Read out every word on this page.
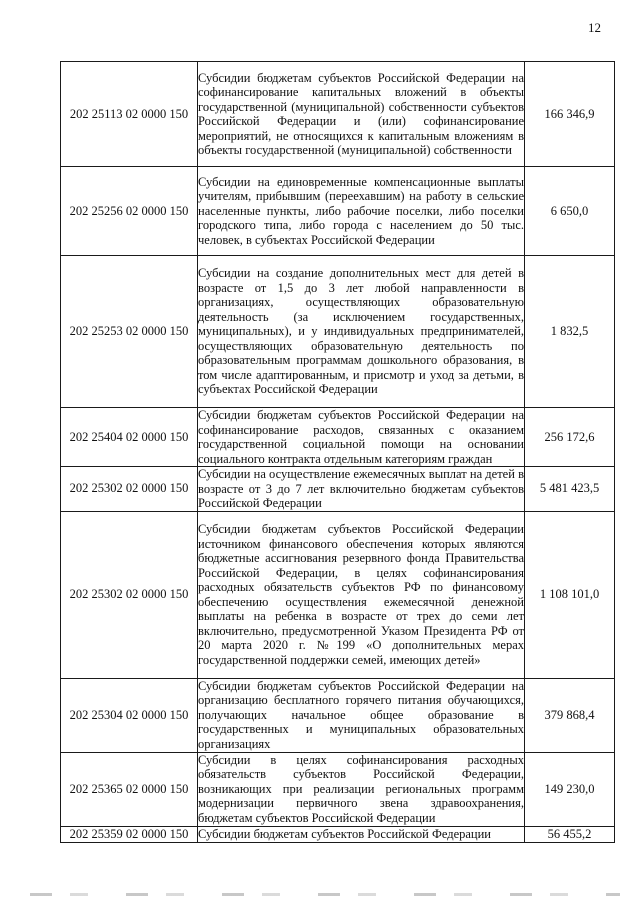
12
202 25113 02 0000 150	Субсидии бюджетам субъектов Российской Федерации на софинансирование капитальных вложений в объекты государственной (муниципальной) собственности субъектов Российской Федерации и (или) софинансирование мероприятий, не относящихся к капитальным вложениям в объекты государственной (муниципальной) собственности	166 346,9
202 25256 02 0000 150	Субсидии на единовременные компенсационные выплаты учителям, прибывшим (переехавшим) на работу в сельские населенные пункты, либо рабочие поселки, либо поселки городского типа, либо города с населением до 50 тыс. человек, в субъектах Российской Федерации	6 650,0
202 25253 02 0000 150	Субсидии на создание дополнительных мест для детей в возрасте от 1,5 до 3 лет любой направленности в организациях, осуществляющих образовательную деятельность (за исключением государственных, муниципальных), и у индивидуальных предпринимателей, осуществляющих образовательную деятельность по образовательным программам дошкольного образования, в том числе адаптированным, и присмотр и уход за детьми, в субъектах Российской Федерации	1 832,5
202 25404 02 0000 150	Субсидии бюджетам субъектов Российской Федерации на софинансирование расходов, связанных с оказанием государственной социальной помощи на основании социального контракта отдельным категориям граждан	256 172,6
202 25302 02 0000 150	Субсидии на осуществление ежемесячных выплат на детей в возрасте от 3 до 7 лет включительно бюджетам субъектов Российской Федерации	5 481 423,5
202 25302 02 0000 150	Субсидии бюджетам субъектов Российской Федерации источником финансового обеспечения которых являются бюджетные ассигнования резервного фонда Правительства Российской Федерации, в целях софинансирования расходных обязательств субъектов РФ по финансовому обеспечению осуществления ежемесячной денежной выплаты на ребенка в возрасте от трех до семи лет включительно, предусмотренной Указом Президента РФ от 20 марта 2020 г. №199 «О дополнительных мерах государственной поддержки семей, имеющих детей»	1 108 101,0
202 25304 02 0000 150	Субсидии бюджетам субъектов Российской Федерации на организацию бесплатного горячего питания обучающихся, получающих начальное общее образование в государственных и муниципальных образовательных организациях	379 868,4
202 25365 02 0000 150	Субсидии в целях софинансирования расходных обязательств субъектов Российской Федерации, возникающих при реализации региональных программ модернизации первичного звена здравоохранения, бюджетам субъектов Российской Федерации	149 230,0
202 25359 02 0000 150	Субсидии бюджетам субъектов Российской Федерации	56 455,2
